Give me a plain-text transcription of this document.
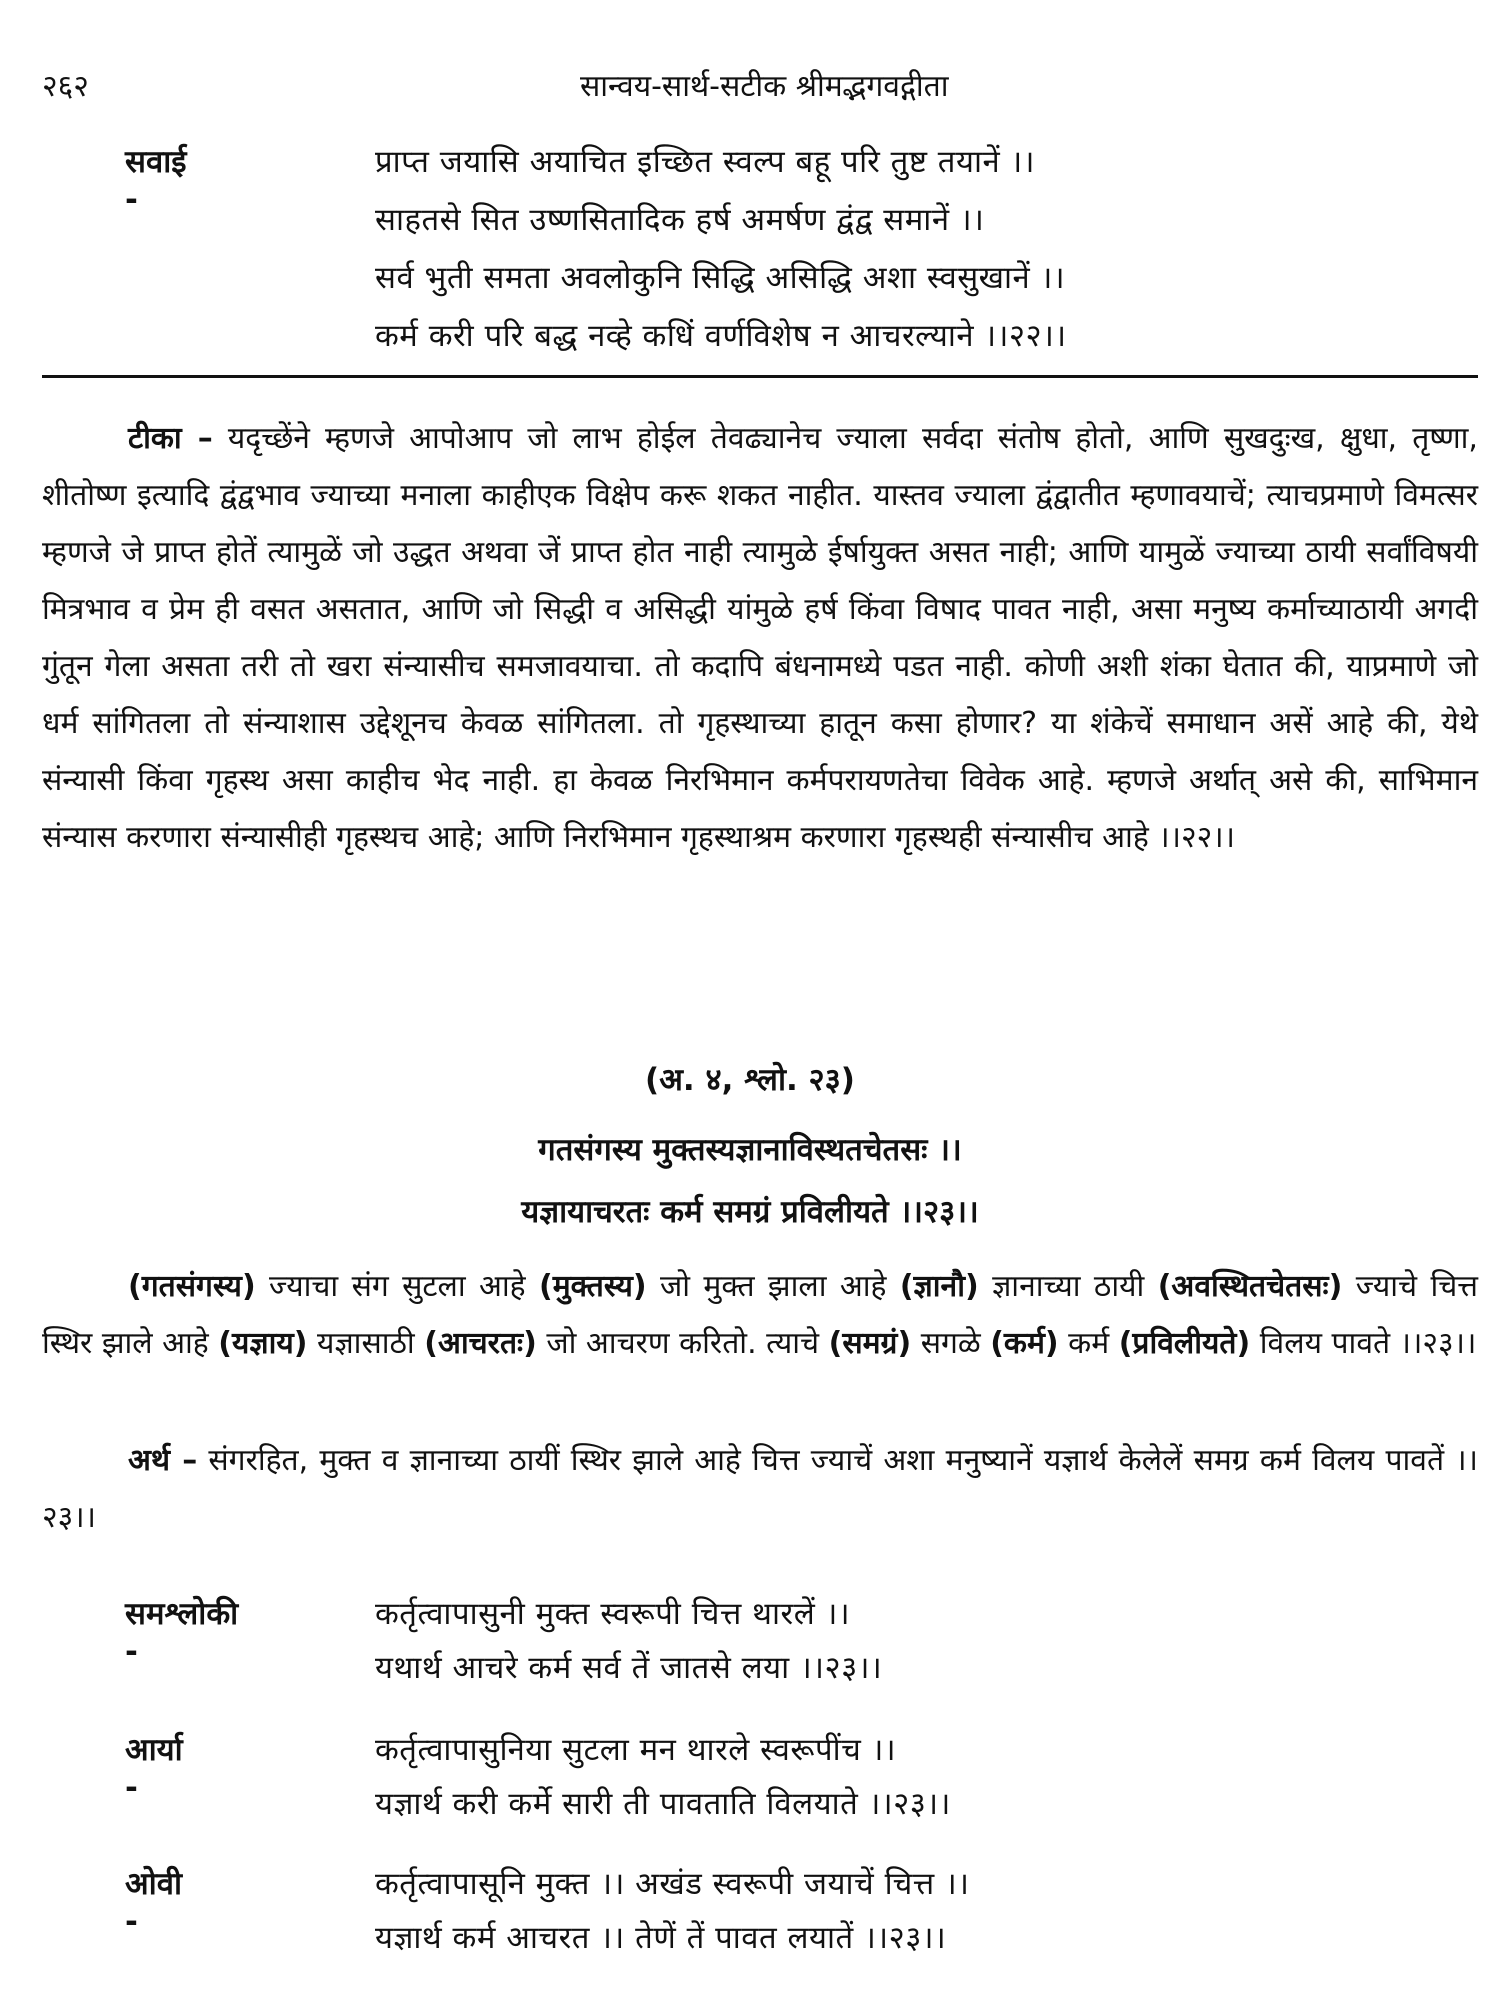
२६२	सान्वय-सार्थ-सटीक श्रीमद्भगवद्गीता
सवाई -
प्राप्त जयासि अयाचित इच्छित स्वल्प बहू परि तुष्ट तयानें ।।
साहतसे सित उष्णसितादिक हर्ष अमर्षण द्वंद्व समानें ।।
सर्व भुती समता अवलोकुनि सिद्धि असिद्धि अशा स्वसुखानें ।।
कर्म करी परि बद्ध नव्हे कधिं वर्णविशेष न आचरल्याने ।।२२।।
टीका – यदृच्छेंने म्हणजे आपोआप जो लाभ होईल तेवढ्यानेच ज्याला सर्वदा संतोष होतो, आणि सुखदुःख, क्षुधा, तृष्णा, शीतोष्ण इत्यादि द्वंद्वभाव ज्याच्या मनाला काहीएक विक्षेप करू शकत नाहीत. यास्तव ज्याला द्वंद्वातीत म्हणावयाचें; त्याचप्रमाणे विमत्सर म्हणजे जे प्राप्त होतें त्यामुळें जो उद्धत अथवा जें प्राप्त होत नाही त्यामुळे ईर्षायुक्त असत नाही; आणि यामुळें ज्याच्या ठायी सर्वांविषयी मित्रभाव व प्रेम ही वसत असतात, आणि जो सिद्धी व असिद्धी यांमुळे हर्ष किंवा विषाद पावत नाही, असा मनुष्य कर्माच्याठायी अगदी गुंतून गेला असता तरी तो खरा संन्यासीच समजावयाचा. तो कदापि बंधनामध्ये पडत नाही. कोणी अशी शंका घेतात की, याप्रमाणे जो धर्म सांगितला तो संन्याशास उद्देशूनच केवळ सांगितला. तो गृहस्थाच्या हातून कसा होणार? या शंकेचें समाधान असें आहे की, येथे संन्यासी किंवा गृहस्थ असा काहीच भेद नाही. हा केवळ निरभिमान कर्मपरायणतेचा विवेक आहे. म्हणजे अर्थात् असे की, साभिमान संन्यास करणारा संन्यासीही गृहस्थच आहे; आणि निरभिमान गृहस्थाश्रम करणारा गृहस्थही संन्यासीच आहे ।।२२।।
(अ. ४, श्लो. २३)
गतसंगस्य मुक्तस्यज्ञानाविस्थतचेतसः ।।
यज्ञायाचरतः कर्म समग्रं प्रविलीयते ।।२३।।
(गतसंगस्य) ज्याचा संग सुटला आहे (मुक्तस्य) जो मुक्त झाला आहे (ज्ञानौ) ज्ञानाच्या ठायी (अवस्थितचेतसः) ज्याचे चित्त स्थिर झाले आहे (यज्ञाय) यज्ञासाठी (आचरतः) जो आचरण करितो. त्याचे (समग्रं) सगळे (कर्म) कर्म (प्रविलीयते) विलय पावते ।।२३।।
अर्थ – संगरहित, मुक्त व ज्ञानाच्या ठायीं स्थिर झाले आहे चित्त ज्याचें अशा मनुष्यानें यज्ञार्थ केलेलें समग्र कर्म विलय पावतें ।।२३।।
समश्लोकी -
कर्तृत्वापासुनी मुक्त स्वरूपी चित्त थारलें ।।
यथार्थ आचरे कर्म सर्व तें जातसे लया ।।२३।।
आर्या -
कर्तृत्वापासुनिया सुटला मन थारले स्वरूपींच ।।
यज्ञार्थ करी कर्मे सारी ती पावताति विलयाते ।।२३।।
ओवी -
कर्तृत्वापासूनि मुक्त ।। अखंड स्वरूपी जयाचें चित्त ।।
यज्ञार्थ कर्म आचरत ।। तेणें तें पावत लयातें ।।२३।।
